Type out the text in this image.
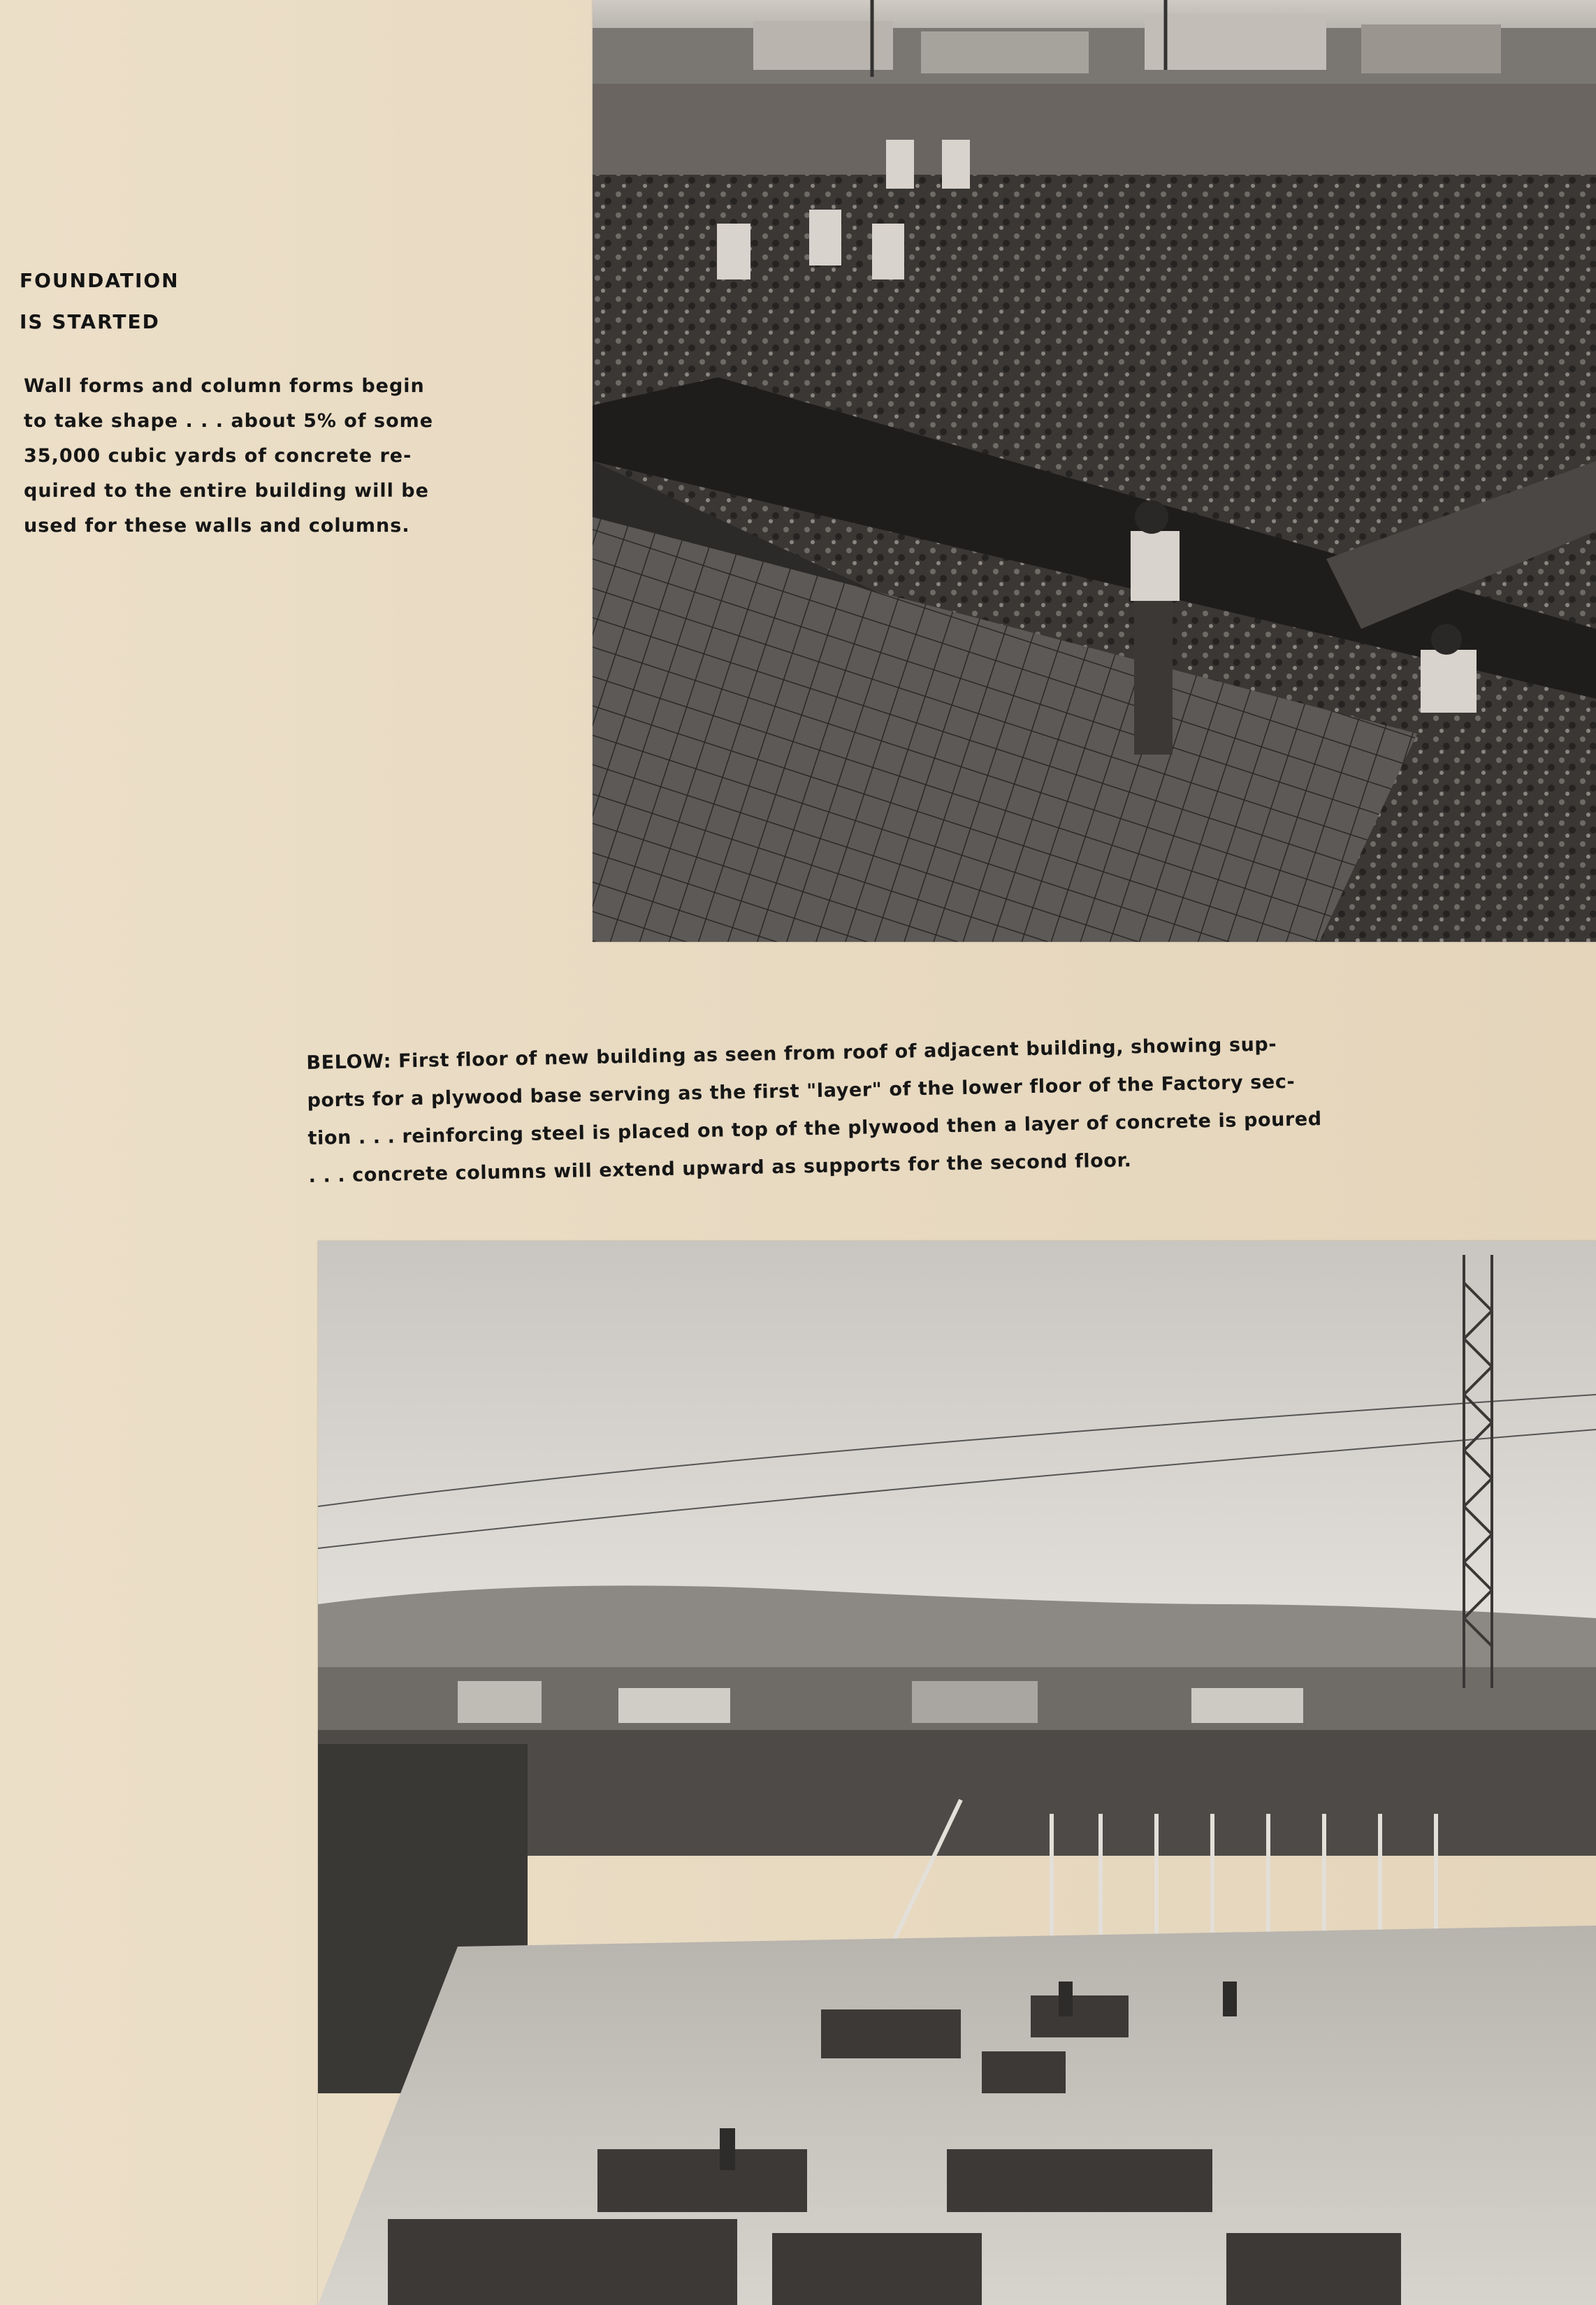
FOUNDATION
IS STARTED
Wall forms and column forms begin
to take shape . . . about 5% of some
35,000 cubic yards of concrete re-
quired to the entire building will be
used for these walls and columns.
BELOW: First floor of new building as seen from roof of adjacent building, showing sup-
ports for a plywood base serving as the first "layer" of the lower floor of the Factory sec-
tion . . . reinforcing steel is placed on top of the plywood then a layer of concrete is poured
. . . concrete columns will extend upward as supports for the second floor.
